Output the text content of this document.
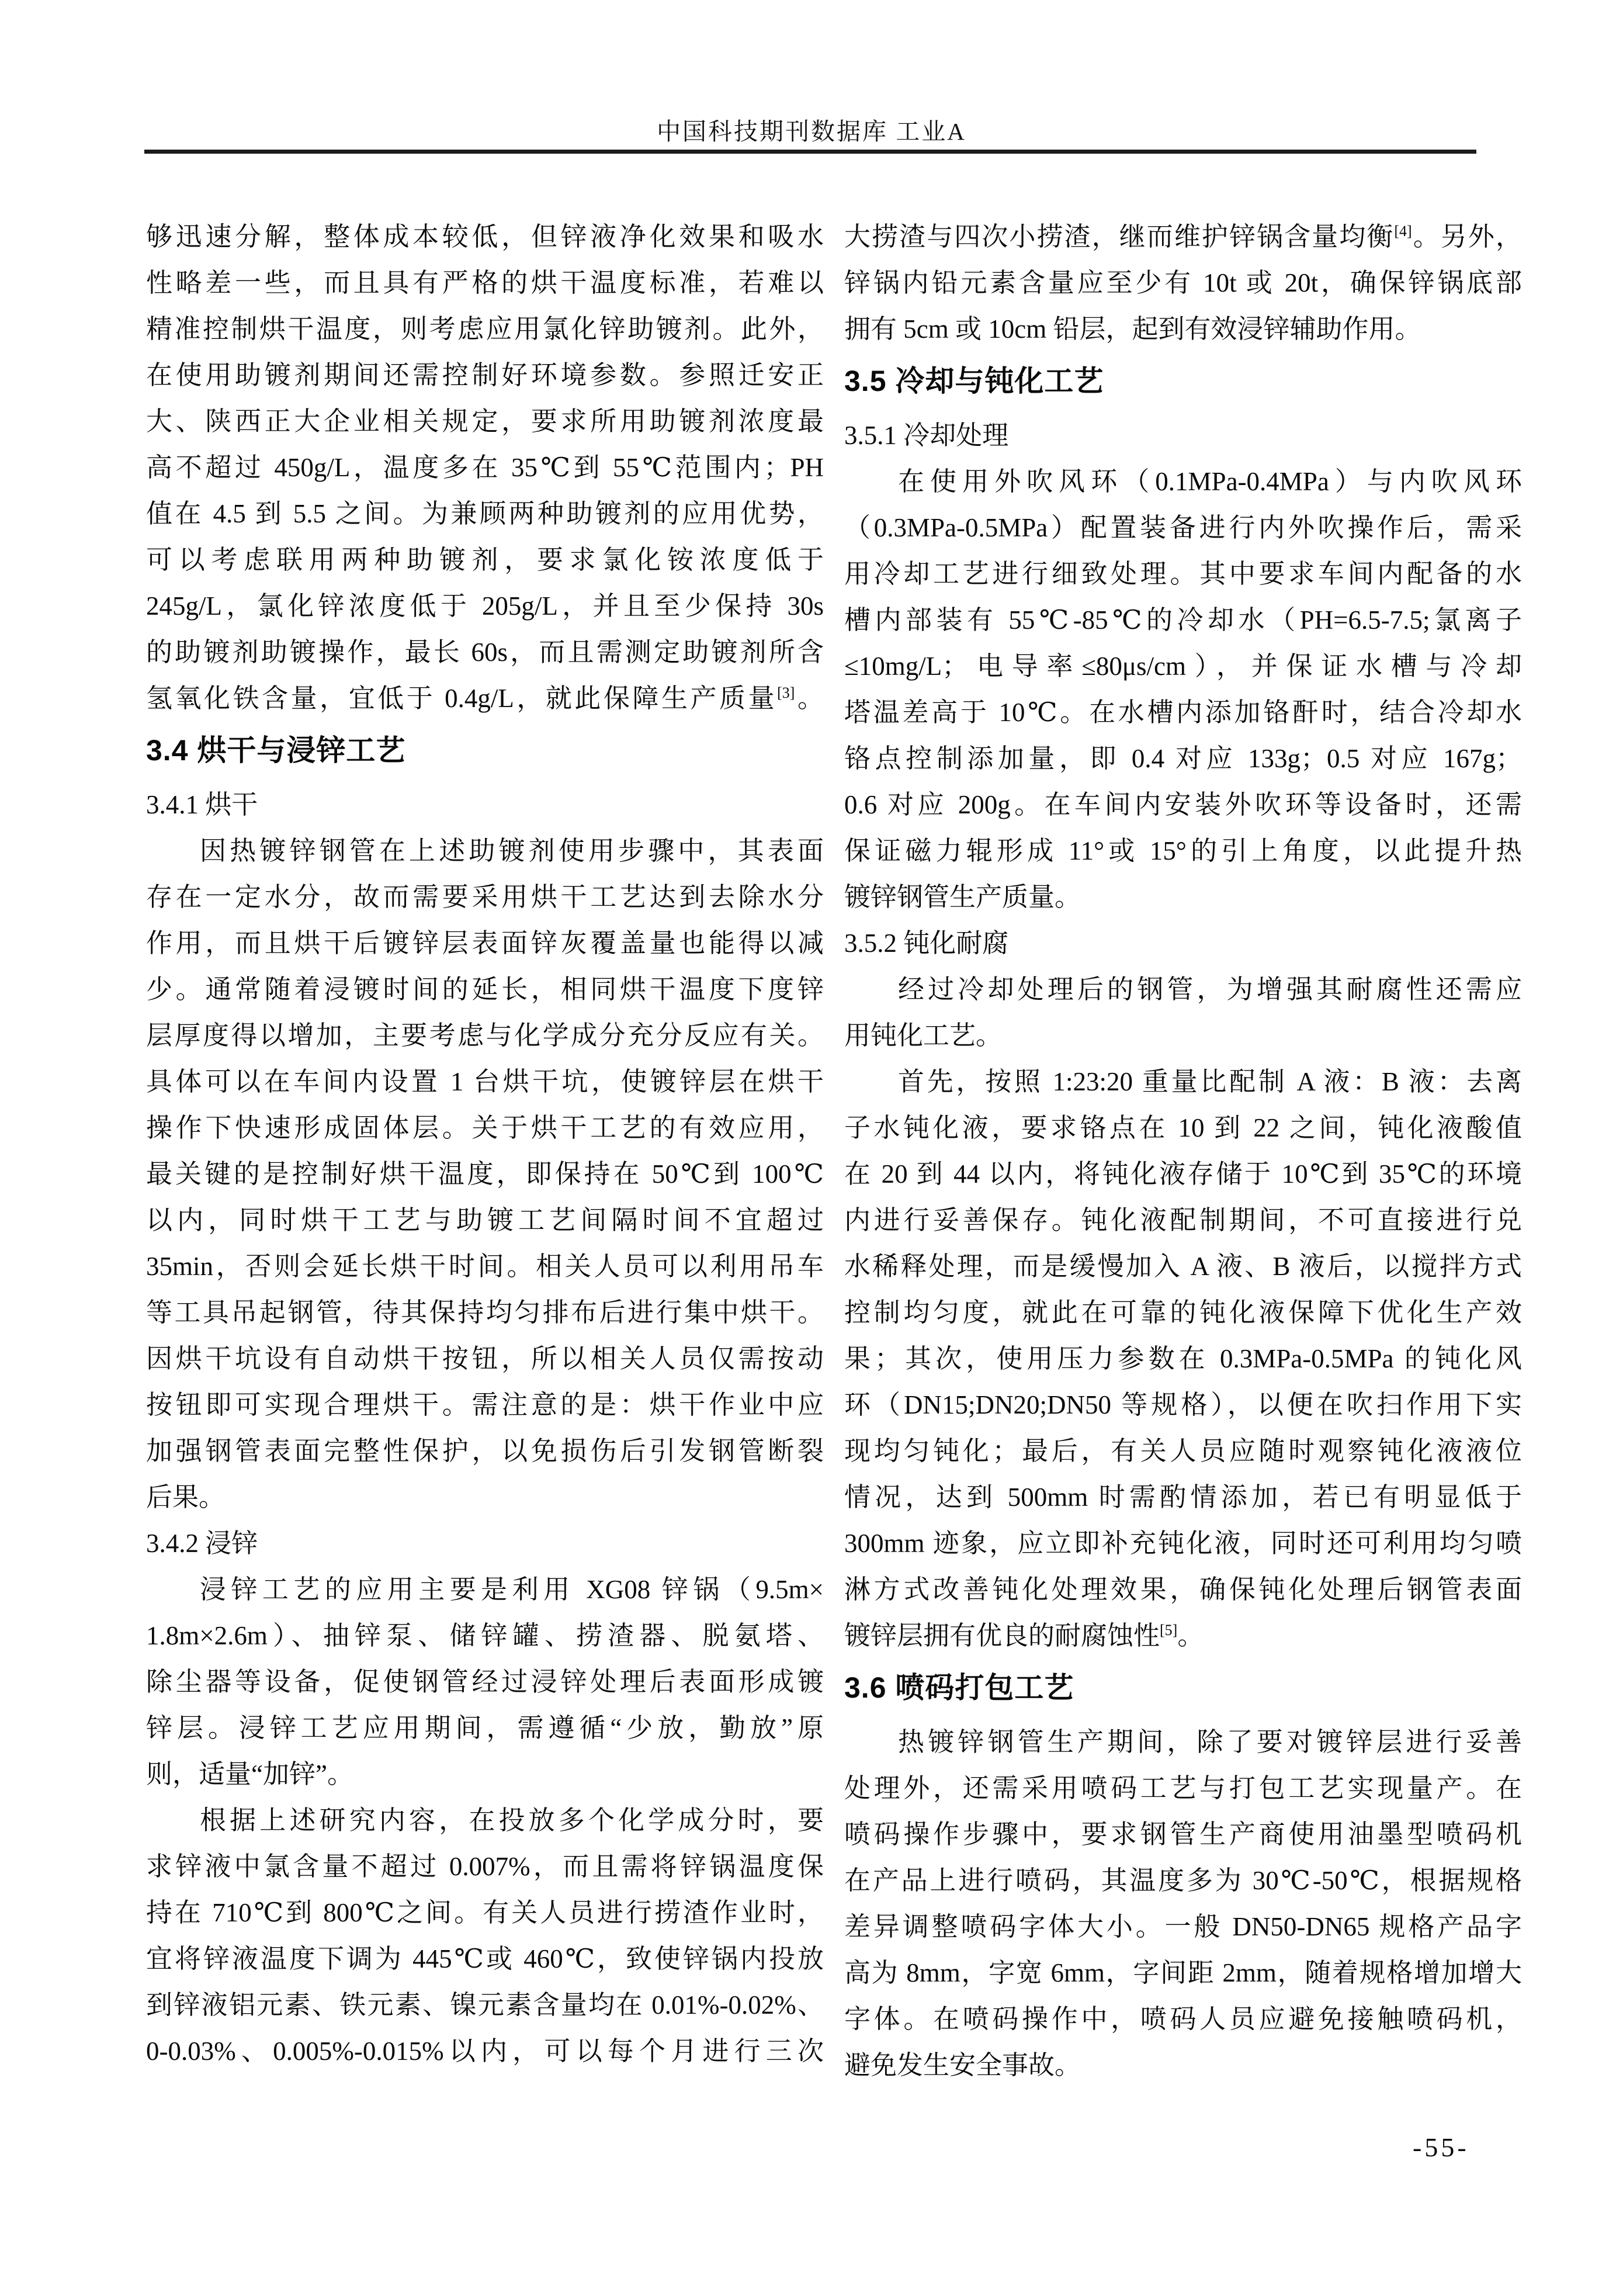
中国科技期刊数据库 工业A
够迅速分解，整体成本较低，但锌液净化效果和吸水
性略差一些，而且具有严格的烘干温度标准，若难以
精准控制烘干温度，则考虑应用氯化锌助镀剂。此外，
在使用助镀剂期间还需控制好环境参数。参照迁安正
大、陕西正大企业相关规定，要求所用助镀剂浓度最
高不超过 450g/L，温度多在 35℃到 55℃范围内；PH
值在 4.5 到 5.5 之间。为兼顾两种助镀剂的应用优势，
可以考虑联用两种助镀剂，要求氯化铵浓度低于
245g/L，氯化锌浓度低于 205g/L，并且至少保持 30s
的助镀剂助镀操作，最长 60s，而且需测定助镀剂所含
氢氧化铁含量，宜低于 0.4g/L，就此保障生产质量[3]。
3.4 烘干与浸锌工艺
3.4.1 烘干
因热镀锌钢管在上述助镀剂使用步骤中，其表面
存在一定水分，故而需要采用烘干工艺达到去除水分
作用，而且烘干后镀锌层表面锌灰覆盖量也能得以减
少。通常随着浸镀时间的延长，相同烘干温度下度锌
层厚度得以增加，主要考虑与化学成分充分反应有关。
具体可以在车间内设置 1 台烘干坑，使镀锌层在烘干
操作下快速形成固体层。关于烘干工艺的有效应用，
最关键的是控制好烘干温度，即保持在 50℃到 100℃
以内，同时烘干工艺与助镀工艺间隔时间不宜超过
35min，否则会延长烘干时间。相关人员可以利用吊车
等工具吊起钢管，待其保持均匀排布后进行集中烘干。
因烘干坑设有自动烘干按钮，所以相关人员仅需按动
按钮即可实现合理烘干。需注意的是：烘干作业中应
加强钢管表面完整性保护，以免损伤后引发钢管断裂
后果。
3.4.2 浸锌
浸锌工艺的应用主要是利用 XG08 锌锅（9.5m×
1.8m×2.6m）、抽锌泵、储锌罐、捞渣器、脱氨塔、
除尘器等设备，促使钢管经过浸锌处理后表面形成镀
锌层。浸锌工艺应用期间，需遵循“少放，勤放”原
则，适量“加锌”。
根据上述研究内容，在投放多个化学成分时，要
求锌液中氯含量不超过 0.007%，而且需将锌锅温度保
持在 710℃到 800℃之间。有关人员进行捞渣作业时，
宜将锌液温度下调为 445℃或 460℃，致使锌锅内投放
到锌液铝元素、铁元素、镍元素含量均在 0.01%-0.02%、
0-0.03%、0.005%-0.015%以内，可以每个月进行三次
大捞渣与四次小捞渣，继而维护锌锅含量均衡[4]。另外，
锌锅内铅元素含量应至少有 10t 或 20t，确保锌锅底部
拥有 5cm 或 10cm 铅层，起到有效浸锌辅助作用。
3.5 冷却与钝化工艺
3.5.1 冷却处理
在使用外吹风环（0.1MPa-0.4MPa）与内吹风环
（0.3MPa-0.5MPa）配置装备进行内外吹操作后，需采
用冷却工艺进行细致处理。其中要求车间内配备的水
槽内部装有 55℃-85℃的冷却水（PH=6.5-7.5;氯离子
≤10mg/L；电导率≤80μs/cm），并保证水槽与冷却
塔温差高于 10℃。在水槽内添加铬酐时，结合冷却水
铬点控制添加量，即 0.4 对应 133g；0.5 对应 167g；
0.6 对应 200g。在车间内安装外吹环等设备时，还需
保证磁力辊形成 11°或 15°的引上角度，以此提升热
镀锌钢管生产质量。
3.5.2 钝化耐腐
经过冷却处理后的钢管，为增强其耐腐性还需应
用钝化工艺。
首先，按照 1:23:20 重量比配制 A 液：B 液：去离
子水钝化液，要求铬点在 10 到 22 之间，钝化液酸值
在 20 到 44 以内，将钝化液存储于 10℃到 35℃的环境
内进行妥善保存。钝化液配制期间，不可直接进行兑
水稀释处理，而是缓慢加入 A 液、B 液后，以搅拌方式
控制均匀度，就此在可靠的钝化液保障下优化生产效
果；其次，使用压力参数在 0.3MPa-0.5MPa 的钝化风
环（DN15;DN20;DN50 等规格），以便在吹扫作用下实
现均匀钝化；最后，有关人员应随时观察钝化液液位
情况，达到 500mm 时需酌情添加，若已有明显低于
300mm 迹象，应立即补充钝化液，同时还可利用均匀喷
淋方式改善钝化处理效果，确保钝化处理后钢管表面
镀锌层拥有优良的耐腐蚀性[5]。
3.6 喷码打包工艺
热镀锌钢管生产期间，除了要对镀锌层进行妥善
处理外，还需采用喷码工艺与打包工艺实现量产。在
喷码操作步骤中，要求钢管生产商使用油墨型喷码机
在产品上进行喷码，其温度多为 30℃-50℃，根据规格
差异调整喷码字体大小。一般 DN50-DN65 规格产品字
高为 8mm，字宽 6mm，字间距 2mm，随着规格增加增大
字体。在喷码操作中，喷码人员应避免接触喷码机，
避免发生安全事故。
-55-
